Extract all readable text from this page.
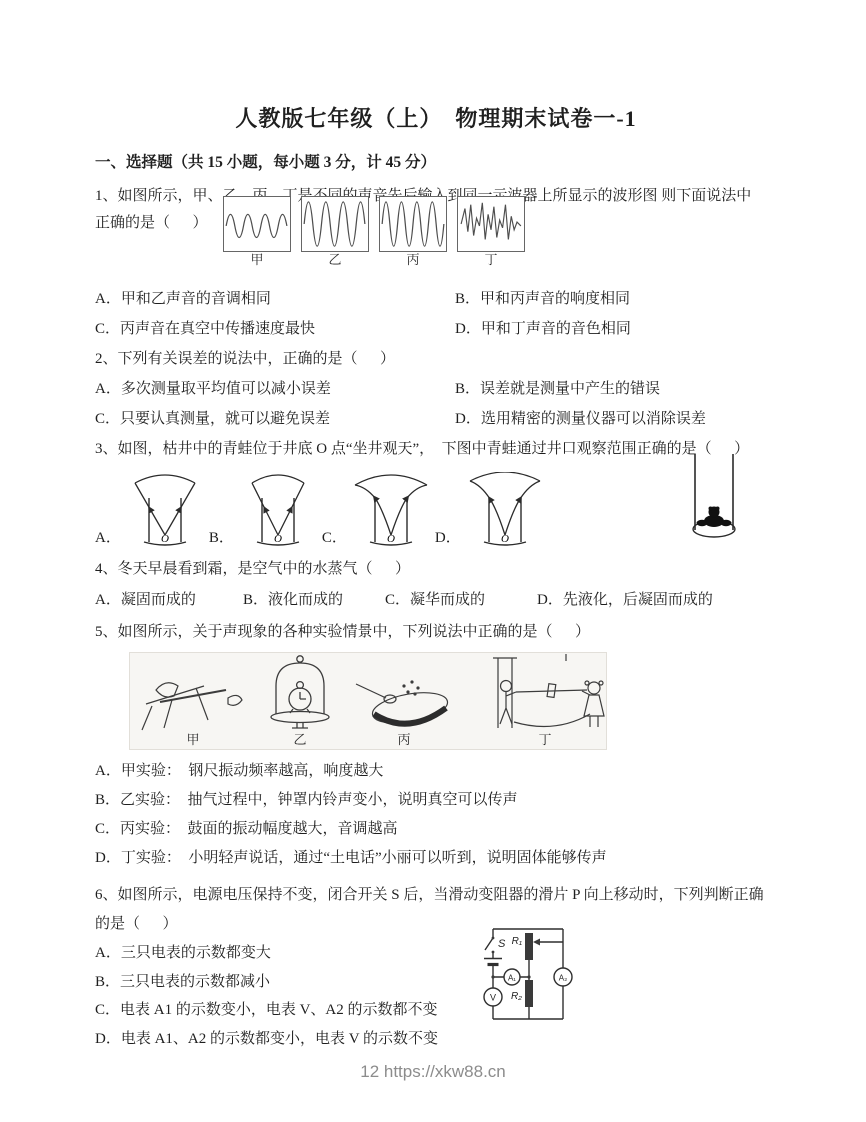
人教版七年级（上）  物理期末试卷一-1
一、选择题（共 15 小题，每小题 3 分，计 45 分）
1、如图所示，甲、乙、丙、丁是不同的声音先后输入到同一示波器上所显示的波形图 则下面说法中
正确的是（      ）
甲	乙	丙	丁
A．甲和乙声音的音调相同	B．甲和丙声音的响度相同
C．丙声音在真空中传播速度最快	D．甲和丁声音的音色相同
2、下列有关误差的说法中，正确的是（      ）
A．多次测量取平均值可以减小误差	B．误差就是测量中产生的错误
C．只要认真测量，就可以避免误差	D．选用精密的测量仪器可以消除误差
3、如图，枯井中的青蛙位于井底 O 点“坐井观天”，  下图中青蛙通过井口观察范围正确的是（      ）
A．	O	B．	O	C．	O	D．	O
4、冬天早晨看到霜，是空气中的水蒸气（      ）
A．凝固而成的	B．液化而成的	C．凝华而成的	D．先液化，后凝固而成的
5、如图所示，关于声现象的各种实验情景中，下列说法中正确的是（      ）
甲	乙	丙	丁
A．甲实验：  钢尺振动频率越高，响度越大
B．乙实验：  抽气过程中，钟罩内铃声变小，说明真空可以传声
C．丙实验：  鼓面的振动幅度越大，音调越高
D．丁实验：  小明轻声说话，通过“土电话”小丽可以听到，说明固体能够传声
6、如图所示，电源电压保持不变，闭合开关 S 后，当滑动变阻器的滑片 P 向上移动时，下列判断正确
的是（      ）
A．三只电表的示数都变大
B．三只电表的示数都减小
C．电表 A1 的示数变小，电表 V、A2 的示数都不变
D．电表 A1、A2 的示数都变小，电表 V 的示数不变
S R₁
R₂
A₁	A₂
V
12 https://xkw88.cn
